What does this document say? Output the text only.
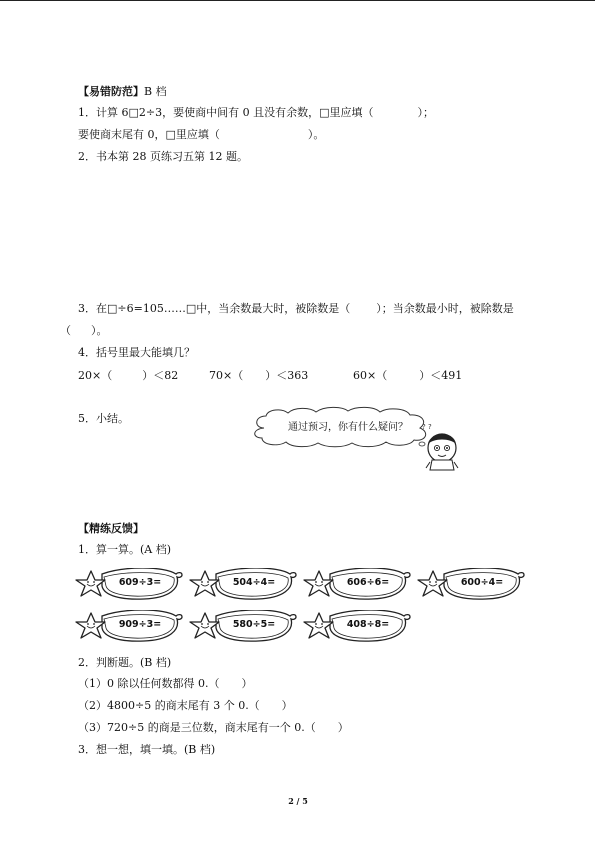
【易错防范】B 档
1．计算 6□2÷3，要使商中间有 0 且没有余数，□里应填（	）；
要使商末尾有 0，□里应填（	）。
2．书本第 28 页练习五第 12 题。
3．在□÷6=105……□中，当余数最大时，被除数是（ ）；当余数最小时，被除数是
（ ）。
4．括号里最大能填几？
20×（	）＜82	70×（ ）＜363	60×（	）＜491
5．小结。
通过预习，你有什么疑问？ ? ?
【精练反馈】
1．算一算。(A 档)
609÷3=	504÷4=	606÷6=	600÷4=
909÷3=	580÷5=	408÷8=
2．判断题。(B 档)
（1）0 除以任何数都得 0.（　　）
（2）4800÷5 的商末尾有 3 个 0.（　　）
（3）720÷5 的商是三位数，商末尾有一个 0.（　　）
3．想一想，填一填。(B 档)
2 / 5
